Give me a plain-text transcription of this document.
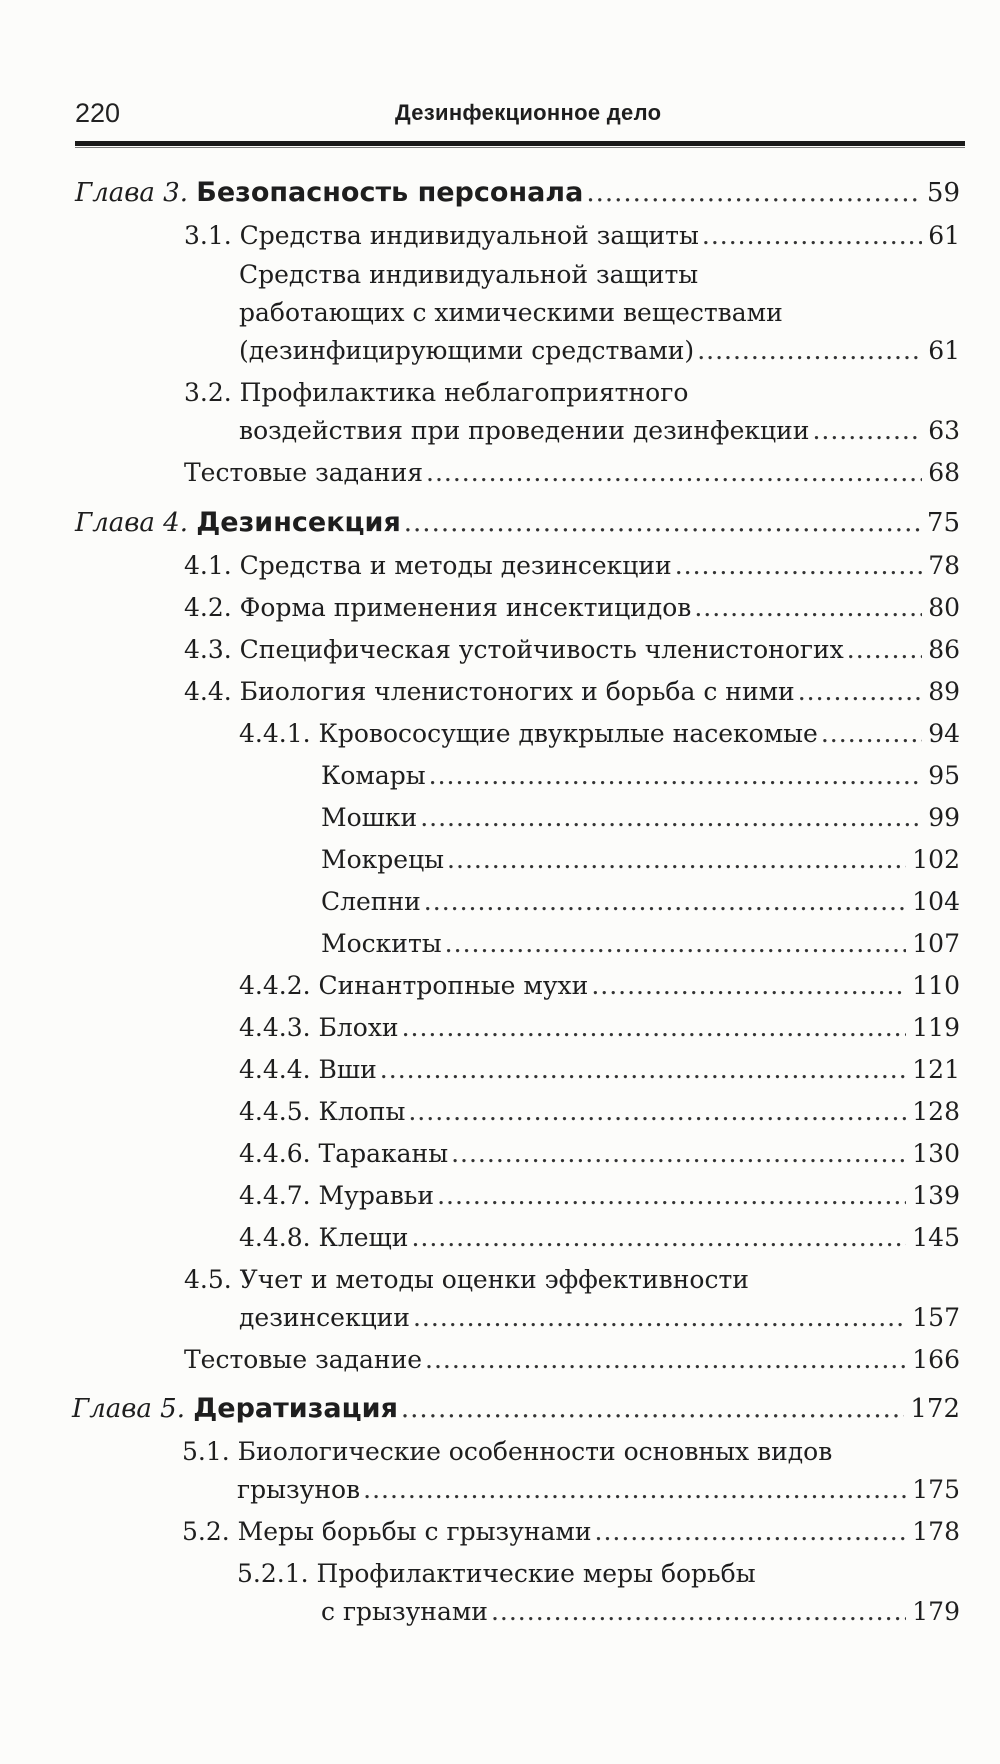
220	Дезинфекционное дело
Глава 3. Безопасность персонала .....	59
3.1. Средства индивидуальной защиты .....	61
Средства индивидуальной защиты
работающих с химическими веществами
(дезинфицирующими средствами) .....	61
3.2. Профилактика неблагоприятного
воздействия при проведении дезинфекции .....	63
Тестовые задания .....	68
Глава 4. Дезинсекция .....	75
4.1. Средства и методы дезинсекции .....	78
4.2. Форма применения инсектицидов .....	80
4.3. Специфическая устойчивость членистоногих .....	86
4.4. Биология членистоногих и борьба с ними .....	89
4.4.1. Кровососущие двукрылые насекомые .....	94
Комары .....	95
Мошки .....	99
Мокрецы .....	102
Слепни .....	104
Москиты .....	107
4.4.2. Синантропные мухи .....	110
4.4.3. Блохи .....	119
4.4.4. Вши .....	121
4.4.5. Клопы .....	128
4.4.6. Тараканы .....	130
4.4.7. Муравьи .....	139
4.4.8. Клещи .....	145
4.5. Учет и методы оценки эффективности
дезинсекции .....	157
Тестовые задание .....	166
Глава 5. Дератизация .....	172
5.1. Биологические особенности основных видов
грызунов .....	175
5.2. Меры борьбы с грызунами .....	178
5.2.1. Профилактические меры борьбы
с грызунами .....	179
